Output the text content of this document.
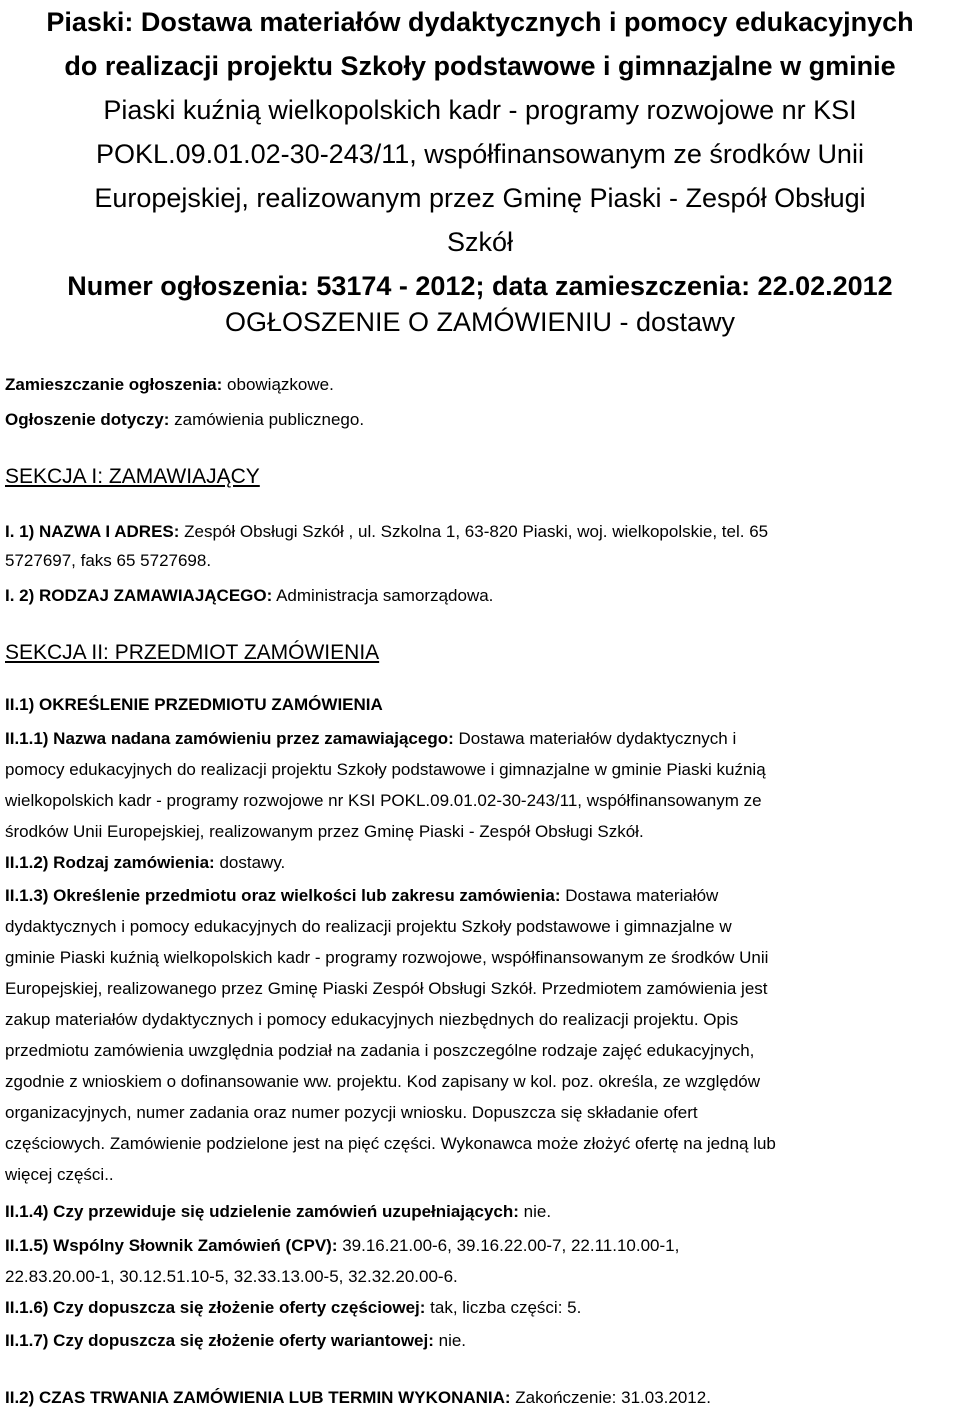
Piaski: Dostawa materiałów dydaktycznych i pomocy edukacyjnych
do realizacji projektu Szkoły podstawowe i gimnazjalne w gminie
Piaski kuźnią wielkopolskich kadr - programy rozwojowe nr KSI
POKL.09.01.02-30-243/11, współfinansowanym ze środków Unii
Europejskiej, realizowanym przez Gminę Piaski - Zespół Obsługi
Szkół
Numer ogłoszenia: 53174 - 2012; data zamieszczenia: 22.02.2012
OGŁOSZENIE O ZAMÓWIENIU - dostawy
Zamieszczanie ogłoszenia: obowiązkowe.
Ogłoszenie dotyczy: zamówienia publicznego.
SEKCJA I: ZAMAWIAJĄCY
I. 1) NAZWA I ADRES: Zespół Obsługi Szkół , ul. Szkolna 1, 63-820 Piaski, woj. wielkopolskie, tel. 65
5727697, faks 65 5727698.
I. 2) RODZAJ ZAMAWIAJĄCEGO: Administracja samorządowa.
SEKCJA II: PRZEDMIOT ZAMÓWIENIA
II.1) OKREŚLENIE PRZEDMIOTU ZAMÓWIENIA
II.1.1) Nazwa nadana zamówieniu przez zamawiającego: Dostawa materiałów dydaktycznych i
pomocy edukacyjnych do realizacji projektu Szkoły podstawowe i gimnazjalne w gminie Piaski kuźnią
wielkopolskich kadr - programy rozwojowe nr KSI POKL.09.01.02-30-243/11, współfinansowanym ze
środków Unii Europejskiej, realizowanym przez Gminę Piaski - Zespół Obsługi Szkół.
II.1.2) Rodzaj zamówienia: dostawy.
II.1.3) Określenie przedmiotu oraz wielkości lub zakresu zamówienia: Dostawa materiałów
dydaktycznych i pomocy edukacyjnych do realizacji projektu Szkoły podstawowe i gimnazjalne w
gminie Piaski kuźnią wielkopolskich kadr - programy rozwojowe, współfinansowanym ze środków Unii
Europejskiej, realizowanego przez Gminę Piaski Zespół Obsługi Szkół. Przedmiotem zamówienia jest
zakup materiałów dydaktycznych i pomocy edukacyjnych niezbędnych do realizacji projektu. Opis
przedmiotu zamówienia uwzględnia podział na zadania i poszczególne rodzaje zajęć edukacyjnych,
zgodnie z wnioskiem o dofinansowanie ww. projektu. Kod zapisany w kol. poz. określa, ze względów
organizacyjnych, numer zadania oraz numer pozycji wniosku. Dopuszcza się składanie ofert
częściowych. Zamówienie podzielone jest na pięć części. Wykonawca może złożyć ofertę na jedną lub
więcej części..
II.1.4) Czy przewiduje się udzielenie zamówień uzupełniających: nie.
II.1.5) Wspólny Słownik Zamówień (CPV): 39.16.21.00-6, 39.16.22.00-7, 22.11.10.00-1,
22.83.20.00-1, 30.12.51.10-5, 32.33.13.00-5, 32.32.20.00-6.
II.1.6) Czy dopuszcza się złożenie oferty częściowej: tak, liczba części: 5.
II.1.7) Czy dopuszcza się złożenie oferty wariantowej: nie.
II.2) CZAS TRWANIA ZAMÓWIENIA LUB TERMIN WYKONANIA: Zakończenie: 31.03.2012.
